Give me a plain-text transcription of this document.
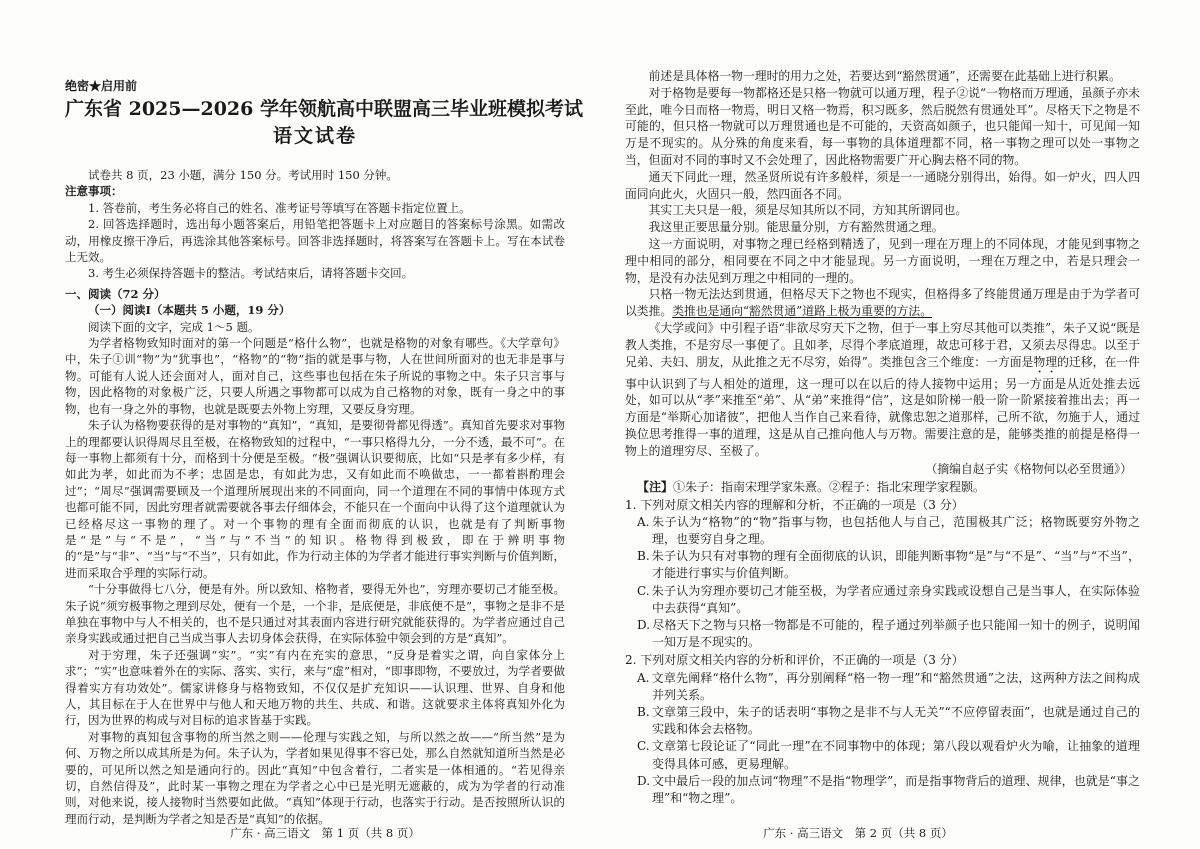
绝密★启用前
广东省 2025—2026 学年领航高中联盟高三毕业班模拟考试
语文试卷

试卷共 8 页，23 小题，满分 150 分。考试用时 150 分钟。

注意事项：

1. 答卷前，考生务必将自己的姓名、准考证号等填写在答题卡指定位置上。

2. 回答选择题时，选出每小题答案后，用铅笔把答题卡上对应题目的答案标号涂黑。如需改动，用橡皮擦干净后，再选涂其他答案标号。回答非选择题时，将答案写在答题卡上。写在本试卷上无效。

3. 考生必须保持答题卡的整洁。考试结束后，请将答题卡交回。

一、阅读（72 分）

（一）阅读Ⅰ（本题共 5 小题，19 分）

阅读下面的文字，完成 1～5 题。

为学者格物致知时面对的第一个问题是“格什么物”，也就是格物的对象有哪些。《大学章句》中，朱子①训“物”为“犹事也”，“格物”的“物”指的就是事与物，人在世间所面对的也无非是事与物。可能有人说人还会面对人，面对自己，这些事也包括在朱子所说的事物之中。朱子只言事与物，因此格物的对象极广泛，只要人所遇之事物都可以成为自己格物的对象，既有一身之中的事物，也有一身之外的事物，也就是既要去外物上穷理，又要反身穷理。

朱子认为格物要获得的是对事物的“真知”，“真知，是要彻骨都见得透”。真知首先要求对事物上的理都要认识得周尽且至极，在格物致知的过程中，“一事只格得九分，一分不透，最不可”。在每一事物上都须有十分，而格到十分便是至极。“极”强调认识要彻底，比如“只是孝有多少样，有如此为孝，如此而为不孝；忠固是忠，有如此为忠，又有如此而不唤做忠，一一都着斟酌理会过”；“周尽”强调需要顾及一个道理所展现出来的不同面向，同一个道理在不同的事情中体现方式也都可能不同，因此穷理者就需要就各事去仔细体会，不能只在一个面向中认得了这个道理就认为已经格尽这一事物的理了。对一个事物的理有全面而彻底的认识，也就是有了判断事物是“是”与“不是”，“当”与“不当”的知识。格物得到极致，即在于辨明事物的“是”与“非”、“当”与“不当”，只有如此，作为行动主体的为学者才能进行事实判断与价值判断，进而采取合乎理的实际行动。

“十分事做得七八分，便是有外。所以致知、格物者，要得无外也”，穷理亦要切己才能至极。朱子说“须穷极事物之理到尽处，便有一个是，一个非，是底便是，非底便不是”，事物之是非不是单独在事物中与人不相关的，也不是只通过对其表面内容进行研究就能获得的。为学者应通过自己亲身实践或通过把自己当成当事人去切身体会获得，在实际体验中领会到的方是“真知”。

对于穷理，朱子还强调“实”。“实”有内在充实的意思，“反身是着实之谓，向自家体分上求”；“实”也意味着外在的实际、落实、实行，来与“虚”相对，“即事即物，不要放过，为学者要做得着实方有功效处”。儒家讲修身与格物致知，不仅仅是扩充知识——认识理、世界、自身和他人，其目标在于人在世界中与他人和天地万物的共生、共成、和谐。这就要求主体将真知外化为行，因为世界的构成与对目标的追求皆基于实践。

对事物的真知包含事物的所当然之则——伦理与实践之知，与所以然之故——“所当然”是为何、万物之所以成其所是为何。朱子认为，学者如果见得事不容已处，那么自然就知道所当然是必要的，可见所以然之知是通向行的。因此“真知”中包含着行，二者实是一体相通的。“若见得亲切，自然信得及”，此时某一事物之理在为学者之心中已是光明无遮蔽的，成为为学者的行动准则，对他来说，接人接物时当然要如此做。“真知”体现于行动，也落实于行动。是否按照所认识的理而行动，是判断为学者之知是否是“真知”的依据。

广东 · 高三语文　第 1 页（共 8 页）

前述是具体格一物一理时的用力之处，若要达到“豁然贯通”，还需要在此基础上进行积累。

对于格物是要每一物都格还是只格一物就可以通万理，程子②说“一物格而万理通，虽颜子亦未至此，唯今日而格一物焉，明日又格一物焉，积习既多，然后脱然有贯通处耳”。尽格天下之物是不可能的，但只格一物就可以万理贯通也是不可能的，天资高如颜子，也只能闻一知十，可见闻一知万是不现实的。从分殊的角度来看，每一事物的具体道理都不同，格一事物之理可以处一事物之当，但面对不同的事时又不会处理了，因此格物需要广开心胸去格不同的物。

通天下同此一理，然圣贤所说有许多般样，须是一一通晓分别得出，始得。如一炉火，四人四面同向此火，火固只一般，然四面各不同。

其实工夫只是一般，须是尽知其所以不同，方知其所谓同也。

我这里正要思量分别。能思量分别，方有豁然贯通之理。

这一方面说明，对事物之理已经格到精透了，见到一理在万理上的不同体现，才能见到事物之理中相同的部分，相同要在不同之中才能显现。另一方面说明，一理在万理之中，若是只理会一物，是没有办法见到万理之中相同的一理的。

只格一物无法达到贯通，但格尽天下之物也不现实，但格得多了终能贯通万理是由于为学者可以类推。类推也是通向“豁然贯通”道路上极为重要的方法。

《大学或问》中引程子语“非欲尽穷天下之物，但于一事上穷尽其他可以类推”，朱子又说“既是教人类推，不是穷尽一事便了。且如孝，尽得个孝底道理，故忠可移于君，又须去尽得忠。以至于兄弟、夫妇、朋友，从此推之无不尽穷，始得”。类推包含三个维度：一方面是物理的迁移，在一件事中认识到了与人相处的道理，这一理可以在以后的待人接物中运用；另一方面是从近处推去远处，如可以从“孝”来推至“弟”、从“弟”来推得“信”，这是如阶梯一般一阶一阶紧接着推出去；再一方面是“举斯心加诸彼”，把他人当作自己来看待，就像忠恕之道那样，己所不欲，勿施于人，通过换位思考推得一事的道理，这是从自己推向他人与万物。需要注意的是，能够类推的前提是格得一物上的道理穷尽、至极了。

（摘编自赵子实《格物何以必至贯通》）
【注】①朱子：指南宋理学家朱熹。②程子：指北宋理学家程颢。
1. 下列对原文相关内容的理解和分析，不正确的一项是（3 分）
A. 朱子认为“格物”的“物”指事与物，也包括他人与自己，范围极其广泛；格物既要穷外物之理，也要穷自身之理。
B. 朱子认为只有对事物的理有全面彻底的认识，即能判断事物“是”与“不是”、“当”与“不当”，才能进行事实与价值判断。
C. 朱子认为穷理亦要切己才能至极，为学者应通过亲身实践或设想自己是当事人，在实际体验中去获得“真知”。
D. 尽格天下之物与只格一物都是不可能的，程子通过列举颜子也只能闻一知十的例子，说明闻一知万是不现实的。
2. 下列对原文相关内容的分析和评价，不正确的一项是（3 分）
A. 文章先阐释“格什么物”，再分别阐释“格一物一理”和“豁然贯通”之法，这两种方法之间构成并列关系。
B. 文章第三段中，朱子的话表明“事物之是非不与人无关”“不应停留表面”，也就是通过自己的实践和体会去格物。
C. 文章第七段论证了“同此一理”在不同事物中的体现；第八段以观看炉火为喻，让抽象的道理变得具体可感，更易理解。
D. 文中最后一段的加点词“物理”不是指“物理学”，而是指事物背后的道理、规律，也就是“事之理”和“物之理”。
广东 · 高三语文　第 2 页（共 8 页）
